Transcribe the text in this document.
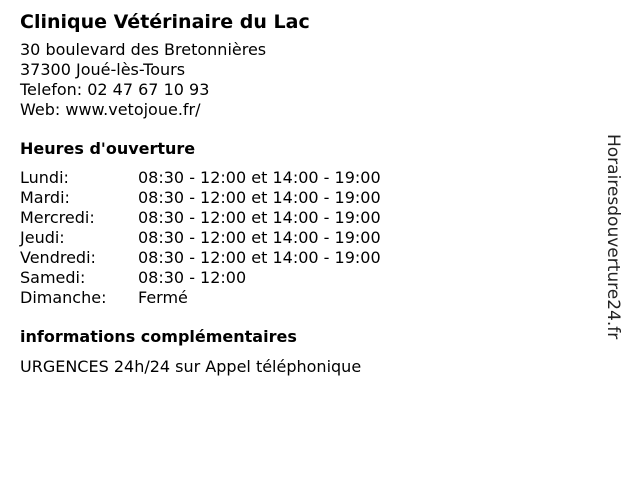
Clinique Vétérinaire du Lac
30 boulevard des Bretonnières
37300 Joué-lès-Tours
Telefon: 02 47 67 10 93
Web: www.vetojoue.fr/
Heures d'ouverture
Lundi:	08:30 - 12:00 et 14:00 - 19:00
Mardi:	08:30 - 12:00 et 14:00 - 19:00
Mercredi:	08:30 - 12:00 et 14:00 - 19:00
Jeudi:	08:30 - 12:00 et 14:00 - 19:00
Vendredi:	08:30 - 12:00 et 14:00 - 19:00
Samedi:	08:30 - 12:00
Dimanche:	Fermé
informations complémentaires
URGENCES 24h/24 sur Appel téléphonique
Horairesdouverture24.fr
